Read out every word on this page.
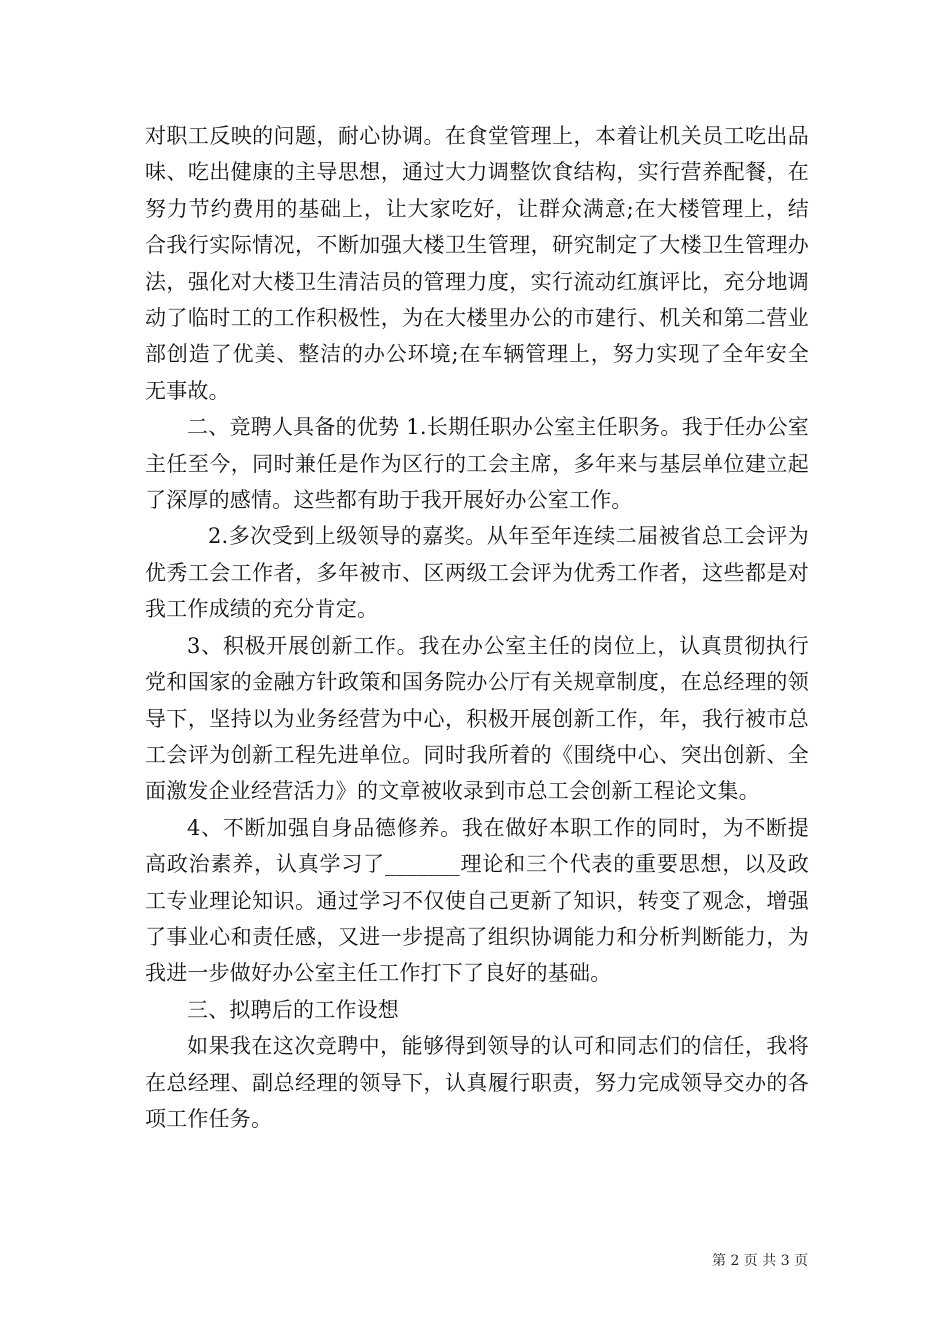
对职工反映的问题，耐心协调。在食堂管理上，本着让机关员工吃出品味、吃出健康的主导思想，通过大力调整饮食结构，实行营养配餐，在努力节约费用的基础上，让大家吃好，让群众满意;在大楼管理上，结合我行实际情况，不断加强大楼卫生管理，研究制定了大楼卫生管理办法，强化对大楼卫生清洁员的管理力度，实行流动红旗评比，充分地调动了临时工的工作积极性，为在大楼里办公的市建行、机关和第二营业部创造了优美、整洁的办公环境;在车辆管理上，努力实现了全年安全无事故。

二、竞聘人具备的优势 1.长期任职办公室主任职务。我于任办公室主任至今，同时兼任是作为区行的工会主席，多年来与基层单位建立起了深厚的感情。这些都有助于我开展好办公室工作。

2.多次受到上级领导的嘉奖。从年至年连续二届被省总工会评为优秀工会工作者，多年被市、区两级工会评为优秀工作者，这些都是对我工作成绩的充分肯定。

3、积极开展创新工作。我在办公室主任的岗位上，认真贯彻执行党和国家的金融方针政策和国务院办公厅有关规章制度，在总经理的领导下，坚持以为业务经营为中心，积极开展创新工作，年，我行被市总工会评为创新工程先进单位。同时我所着的《围绕中心、突出创新、全面激发企业经营活力》的文章被收录到市总工会创新工程论文集。

4、不断加强自身品德修养。我在做好本职工作的同时，为不断提高政治素养，认真学习了_______理论和三个代表的重要思想，以及政工专业理论知识。通过学习不仅使自己更新了知识，转变了观念，增强了事业心和责任感，又进一步提高了组织协调能力和分析判断能力，为我进一步做好办公室主任工作打下了良好的基础。

三、拟聘后的工作设想

如果我在这次竞聘中，能够得到领导的认可和同志们的信任，我将在总经理、副总经理的领导下，认真履行职责，努力完成领导交办的各项工作任务。

第 2 页 共 3 页
